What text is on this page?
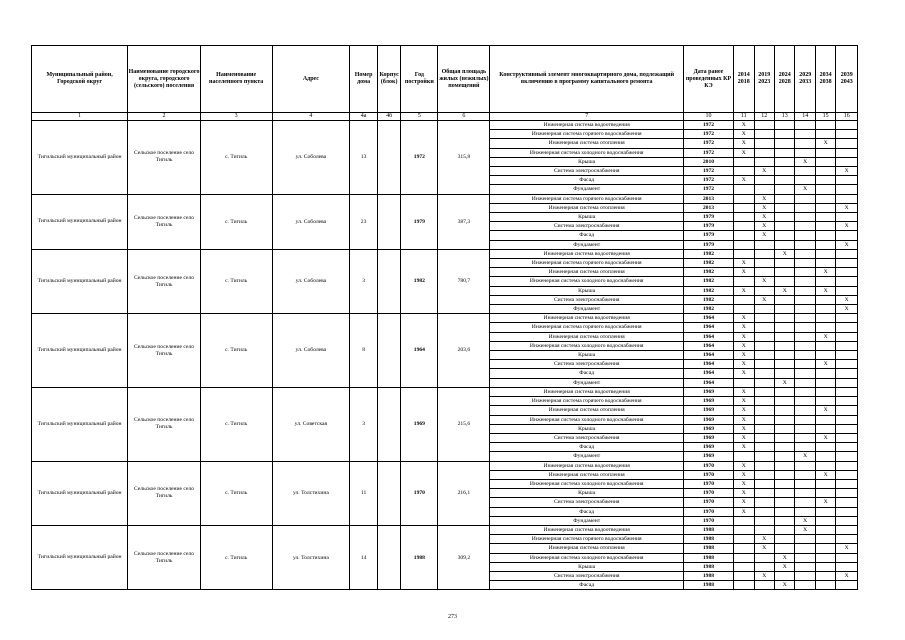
Муниципальный район, Городской округ	Наименование городского округа, городского (сельского) поселения	Наименование населенного пункта	Адрес	Номер дома	Корпус (блок)	Год постройки	Общая площадь жилых (нежилых) помещений	Конструктивный элемент многоквартирного дома, подлежащий включению в программу капитального ремонта	Дата ранее проведенных КР КЭ	2014 2018	2019 2023	2024 2028	2029 2033	2034 2038	2039 2043
1	2	3	4	4а	4б	5	6	7	10	11	12	13	14	15	16
Тигильский муниципальный район	Сельское поселение село Тигиль	с. Тигиль	ул. Соболева	13		1972	315,8	Инженерная система водоотведения	1972	X					
								Инженерная система горячего водоснабжения	1972	X					
								Инженерная система отопления	1972	X				X	
								Инженерная система холодного водоснабжения	1972	X					
								Крыша	2010				X		
								Система электроснабжения	1972		X				X
								Фасад	1972	X					
								Фундамент	1972				X		
Тигильский муниципальный район	Сельское поселение село Тигиль	с. Тигиль	ул. Соболева	23		1979	387,3	Инженерная система горячего водоснабжения	2013		X				
								Инженерная система отопления	2013		X				X
								Крыша	1979		X				
								Система электроснабжения	1979		X				X
								Фасад	1979		X				
								Фундамент	1979						X
Тигильский муниципальный район	Сельское поселение село Тигиль	с. Тигиль	ул. Соболева	3		1982	780,7	Инженерная система водоотведения	1982			X			
								Инженерная система горячего водоснабжения	1982	X					
								Инженерная система отопления	1982	X				X	
								Инженерная система холодного водоснабжения	1982		X				
								Крыша	1982	X		X		X	
								Система электроснабжения	1982		X				X
								Фундамент	1982						X
Тигильский муниципальный район	Сельское поселение село Тигиль	с. Тигиль	ул. Соболева	8		1964	203,6	Инженерная система водоотведения	1964	X					
								Инженерная система горячего водоснабжения	1964	X					
								Инженерная система отопления	1964	X				X	
								Инженерная система холодного водоснабжения	1964	X					
								Крыша	1964	X					
								Система электроснабжения	1964	X				X	
								Фасад	1964	X					
								Фундамент	1964			X			
Тигильский муниципальный район	Сельское поселение село Тигиль	с. Тигиль	ул. Советская	3		1969	215,6	Инженерная система водоотведения	1969	X					
								Инженерная система горячего водоснабжения	1969	X					
								Инженерная система отопления	1969	X				X	
								Инженерная система холодного водоснабжения	1969	X					
								Крыша	1969	X					
								Система электроснабжения	1969	X				X	
								Фасад	1969	X					
								Фундамент	1969				X		
Тигильский муниципальный район	Сельское поселение село Тигиль	с. Тигиль	ул. Толстихина	11		1970	216,1	Инженерная система водоотведения	1970	X					
								Инженерная система отопления	1970	X				X	
								Инженерная система холодного водоснабжения	1970	X					
								Крыша	1970	X					
								Система электроснабжения	1970	X				X	
								Фасад	1970	X					
								Фундамент	1970				X		
Тигильский муниципальный район	Сельское поселение село Тигиль	с. Тигиль	ул. Толстихина	14		1988	309,2	Инженерная система водоотведения	1988				X		
								Инженерная система горячего водоснабжения	1988		X				
								Инженерная система отопления	1988		X				X
								Инженерная система холодного водоснабжения	1988			X			
								Крыша	1988			X			
								Система электроснабжения	1988		X				X
								Фасад	1988			X			
273
